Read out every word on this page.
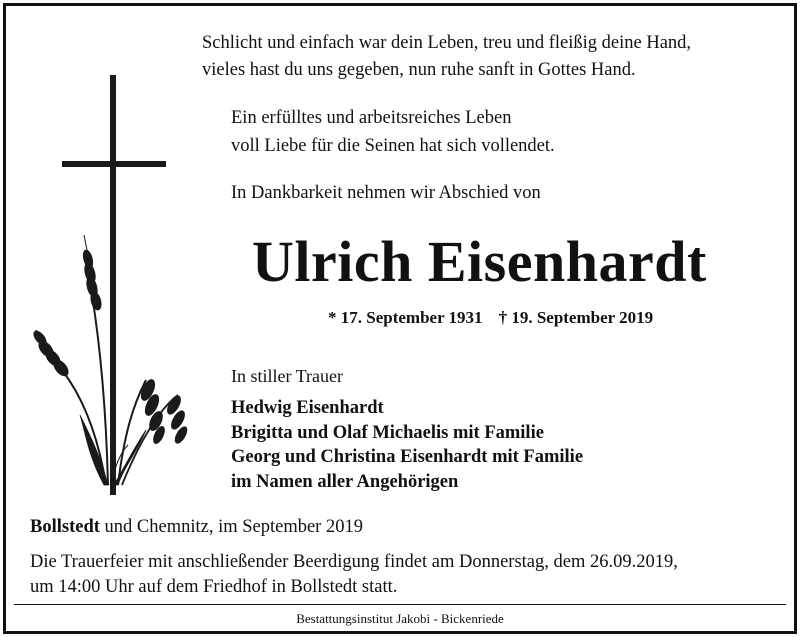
Schlicht und einfach war dein Leben, treu und fleißig deine Hand,
vieles hast du uns gegeben, nun ruhe sanft in Gottes Hand.
Ein erfülltes und arbeitsreiches Leben
voll Liebe für die Seinen hat sich vollendet.
In Dankbarkeit nehmen wir Abschied von
Ulrich Eisenhardt
* 17. September 1931 † 19. September 2019
In stiller Trauer
Hedwig Eisenhardt
Brigitta und Olaf Michaelis mit Familie
Georg und Christina Eisenhardt mit Familie
im Namen aller Angehörigen
Bollstedt und Chemnitz, im September 2019
Die Trauerfeier mit anschließender Beerdigung findet am Donnerstag, dem 26.09.2019,
um 14:00 Uhr auf dem Friedhof in Bollstedt statt.
Bestattungsinstitut Jakobi - Bickenriede
